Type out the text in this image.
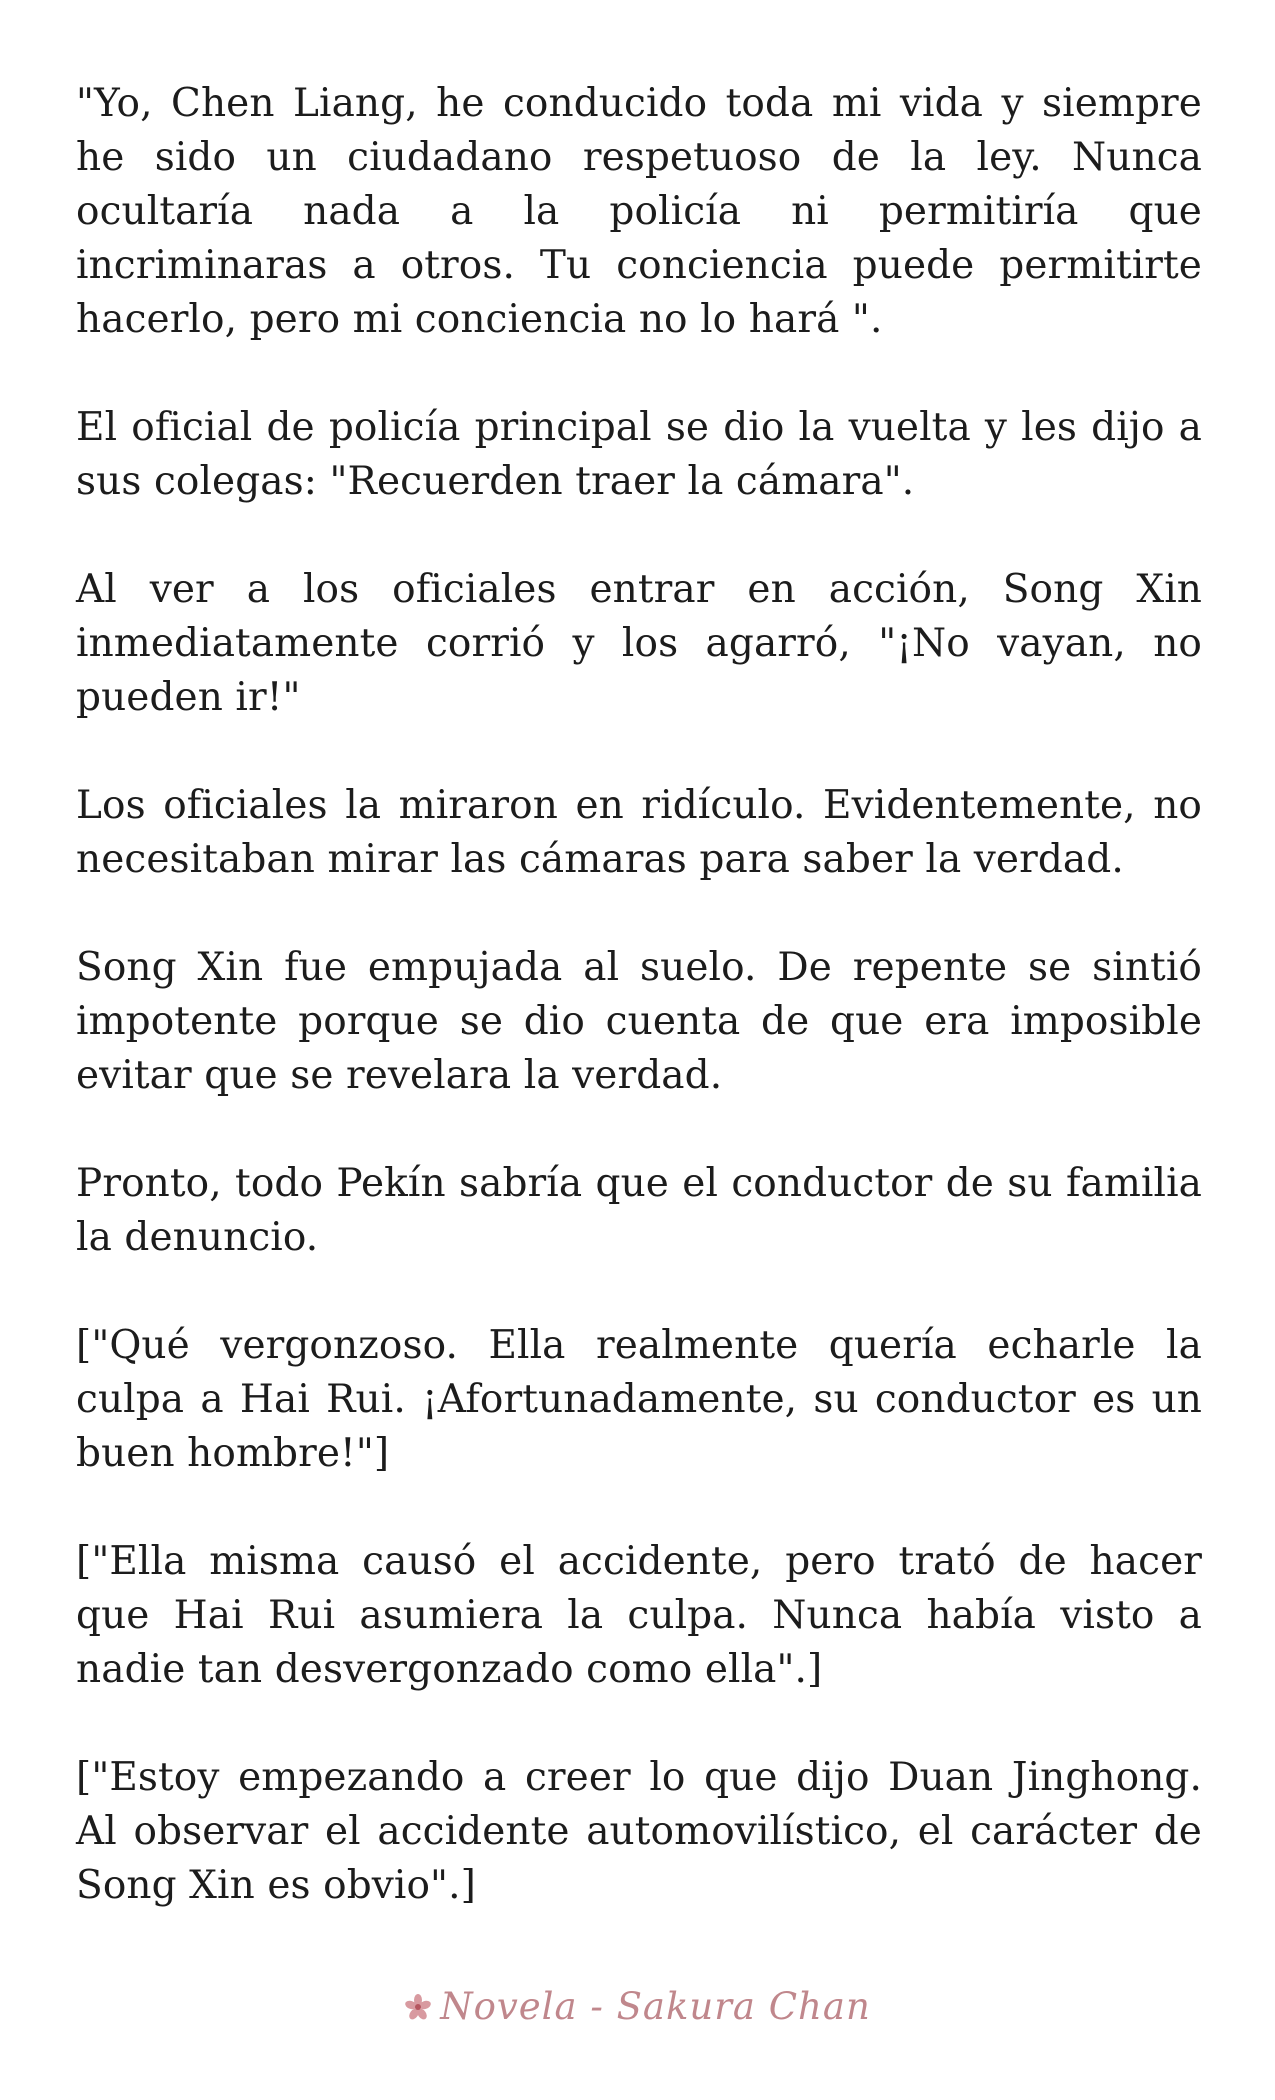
"Yo, Chen Liang, he conducido toda mi vida y siempre he sido un ciudadano respetuoso de la ley. Nunca ocultaría nada a la policía ni permitiría que incriminaras a otros. Tu conciencia puede permitirte hacerlo, pero mi conciencia no lo hará ".

El oficial de policía principal se dio la vuelta y les dijo a sus colegas: "Recuerden traer la cámara".

Al ver a los oficiales entrar en acción, Song Xin inmediatamente corrió y los agarró, "¡No vayan, no pueden ir!"

Los oficiales la miraron en ridículo. Evidentemente, no necesitaban mirar las cámaras para saber la verdad.

Song Xin fue empujada al suelo. De repente se sintió impotente porque se dio cuenta de que era imposible evitar que se revelara la verdad.

Pronto, todo Pekín sabría que el conductor de su familia la denuncio.

["Qué vergonzoso. Ella realmente quería echarle la culpa a Hai Rui. ¡Afortunadamente, su conductor es un buen hombre!"]

["Ella misma causó el accidente, pero trató de hacer que Hai Rui asumiera la culpa. Nunca había visto a nadie tan desvergonzado como ella".]

["Estoy empezando a creer lo que dijo Duan Jinghong. Al observar el accidente automovilístico, el carácter de Song Xin es obvio".]

Novela - Sakura Chan
